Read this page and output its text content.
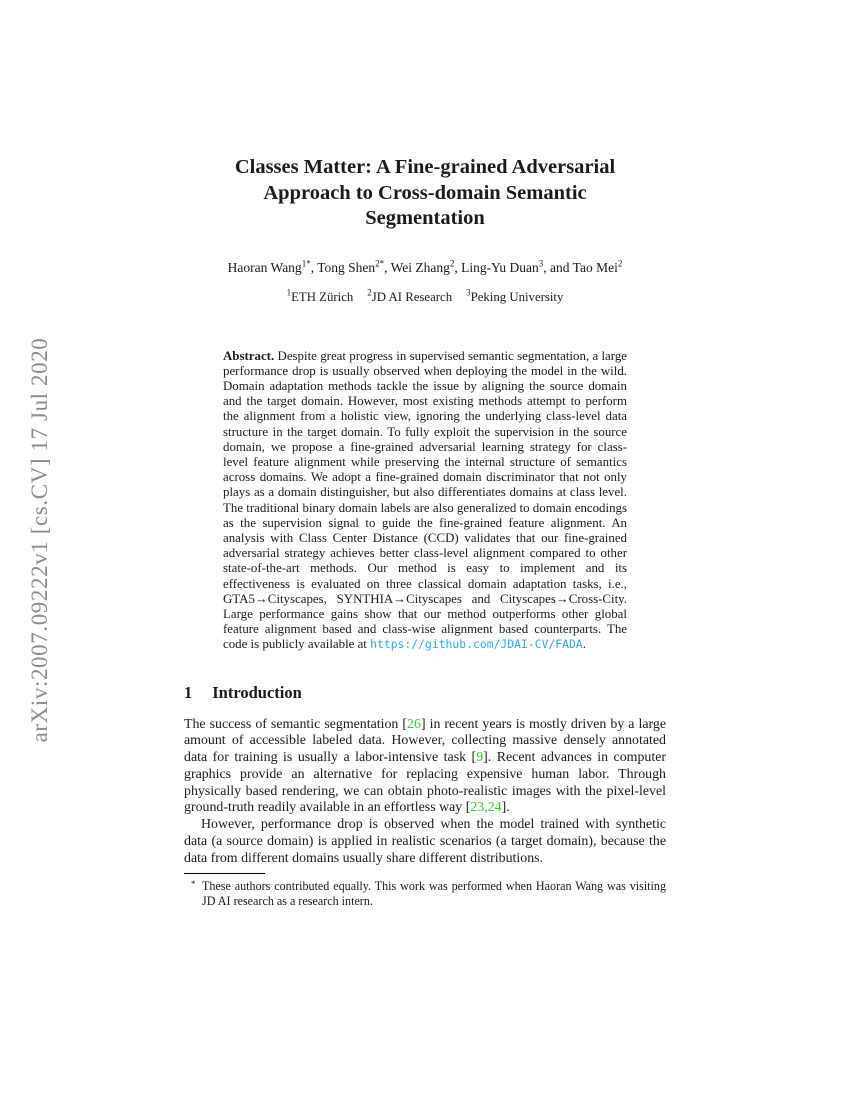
arXiv:2007.09222v1 [cs.CV] 17 Jul 2020
Classes Matter: A Fine-grained Adversarial Approach to Cross-domain Semantic Segmentation
Haoran Wang$^{1*}$, Tong Shen$^{2*}$, Wei Zhang$^2$, Ling-Yu Duan$^3$, and Tao Mei$^2$
$^1$ETH Zürich $^2$JD AI Research $^3$Peking University
Abstract. Despite great progress in supervised semantic segmentation, a large performance drop is usually observed when deploying the model in the wild. Domain adaptation methods tackle the issue by aligning the source domain and the target domain. However, most existing methods attempt to perform the alignment from a holistic view, ignoring the underlying class-level data structure in the target domain. To fully exploit the supervision in the source domain, we propose a fine-grained adversarial learning strategy for class-level feature alignment while preserving the internal structure of semantics across domains. We adopt a fine-grained domain discriminator that not only plays as a domain distinguisher, but also differentiates domains at class level. The traditional binary domain labels are also generalized to domain encodings as the supervision signal to guide the fine-grained feature alignment. An analysis with Class Center Distance (CCD) validates that our fine-grained adversarial strategy achieves better class-level alignment compared to other state-of-the-art methods. Our method is easy to implement and its effectiveness is evaluated on three classical domain adaptation tasks, i.e., GTA5→Cityscapes, SYNTHIA→Cityscapes and Cityscapes→Cross-City. Large performance gains show that our method outperforms other global feature alignment based and class-wise alignment based counterparts. The code is publicly available at https://github.com/JDAI-CV/FADA.
1 Introduction

The success of semantic segmentation [26] in recent years is mostly driven by a large amount of accessible labeled data. However, collecting massive densely annotated data for training is usually a labor-intensive task [9]. Recent advances in computer graphics provide an alternative for replacing expensive human labor. Through physically based rendering, we can obtain photo-realistic images with the pixel-level ground-truth readily available in an effortless way [23,24].

However, performance drop is observed when the model trained with synthetic data (a source domain) is applied in realistic scenarios (a target domain), because the data from different domains usually share different distributions.

* These authors contributed equally. This work was performed when Haoran Wang was visiting JD AI research as a research intern.
